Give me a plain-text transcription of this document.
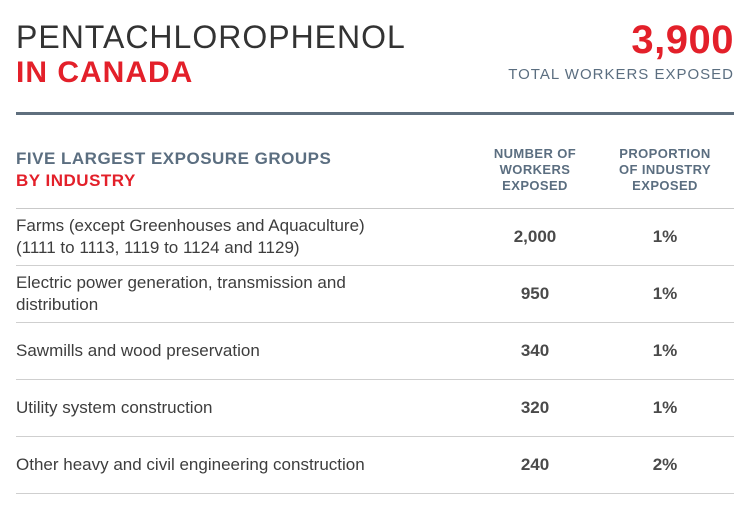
PENTACHLOROPHENOL
IN CANADA
3,900
TOTAL WORKERS EXPOSED
FIVE LARGEST EXPOSURE GROUPS
BY INDUSTRY
NUMBER OF
WORKERS
EXPOSED
PROPORTION
OF INDUSTRY
EXPOSED
Farms (except Greenhouses and Aquaculture)
(1111 to 1113, 1119 to 1124 and 1129)
2,000	1%
Electric power generation, transmission and
distribution
950	1%
Sawmills and wood preservation	340	1%
Utility system construction	320	1%
Other heavy and civil engineering construction	240	2%
